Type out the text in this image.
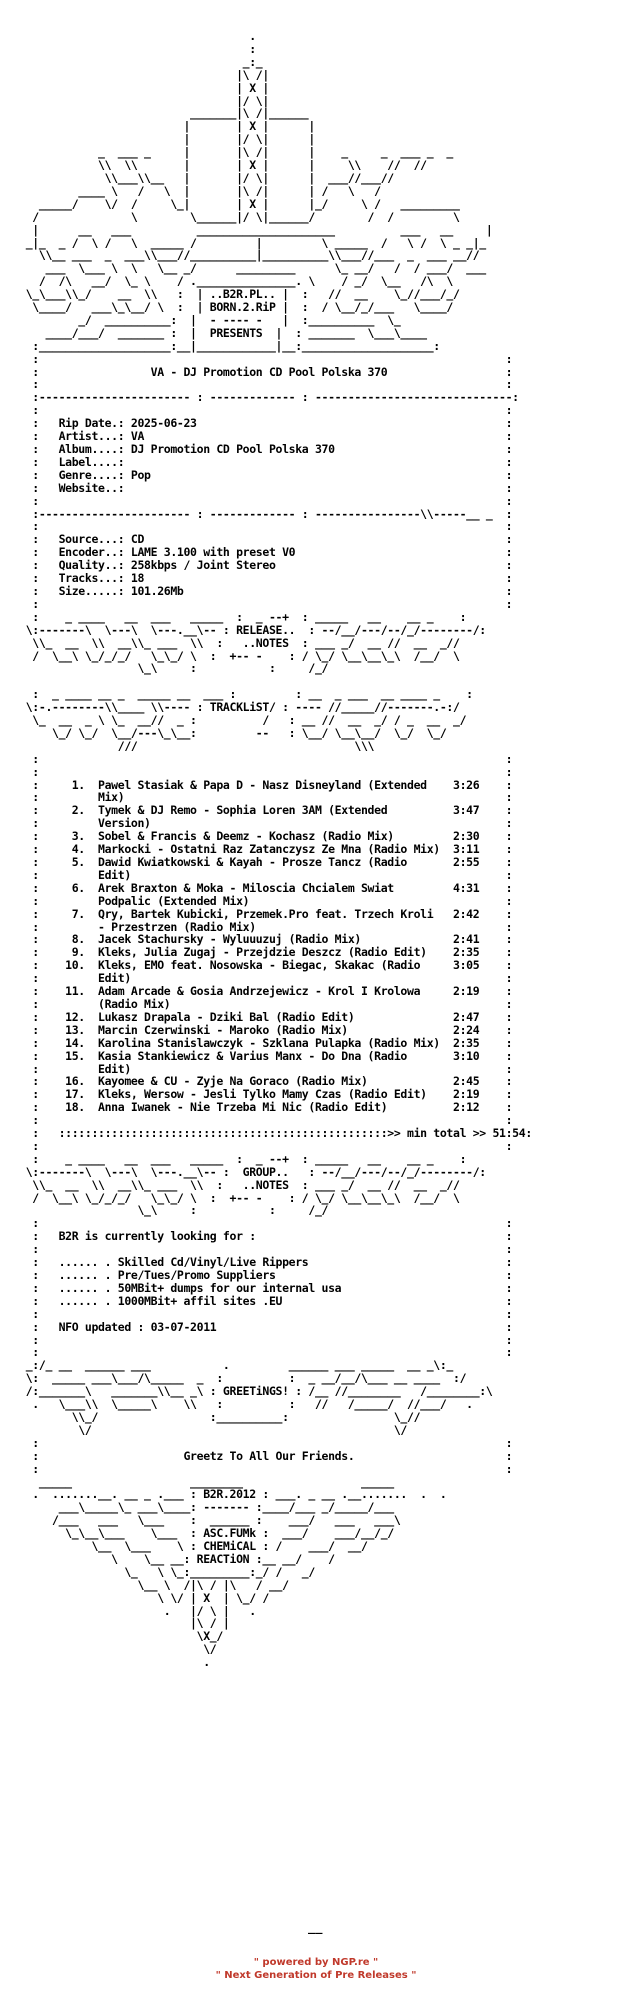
.
:
_:_
|\ /|
| X |
|/ \|
_______|\ /|______
|       | X |      |
|       |/ \|      |
_  ___ _     |       |\ /|      |    _     _  ___ _  _
\\  \\       |       | X |      |     \\    //  //
\\___\\__   |       |/ \|      |  ___//___//
____ \   /   \  |       |\ /|      | /   \   /
_____/    \/  /     \_|       | X |      |_/     \ /   _________
/              \        \______|/ \|______/        /  /         \
|      __   ___          _____________________          ___   __     |
_|_  _ /  \ /   \  _____ /         |         \ _____  /   \ /  \ _ _|_
\\__ ___  _  ___\\___//__________|__________\\___//___  _  ___ __//
___  \___ \  \   \__ _/      _________      \_ __/   /  / ___/  ___
/  /\   __/  \_ \    / ._______________. \    / _/  \__   /\  \
\_\___\\_/    __  \\   :  | ..B2R.PL.. |  :   //  __    \_//___/_/
\____/   ___\_\__/ \  :  | BORN.2.RiP |  :  / \__/_/___   \____/
_/  __________:  |  - ---- -   |  :__________  \_
____/___/  _______ :  |  PRESENTS  |  : _______  \___\____
:____________________:__|____________|__:____________________:
:                                                                       :
:                 VA - DJ Promotion CD Pool Polska 370                  :
:                                                                       :
:----------------------- : ------------- : ------------------------------:
:                                                                       :
:   Rip Date.: 2025-06-23                                               :
:   Artist...: VA                                                       :
:   Album....: DJ Promotion CD Pool Polska 370                          :
:   Label....:                                                          :
:   Genre....: Pop                                                      :
:   Website..:                                                          :
:                                                                       :
:----------------------- : ------------- : ----------------\\-----__ _  :
:                                                                       :
:   Source...: CD                                                       :
:   Encoder..: LAME 3.100 with preset V0                                :
:   Quality..: 258kbps / Joint Stereo                                   :
:   Tracks...: 18                                                       :
:   Size.....: 101.26Mb                                                 :
:                                                                       :
:    _ ____   __  ___   _____  :  _ --+  : _____   __    __ _    :
\:-------\  \---\  \---.__\-- : RELEASE..  : --/__/---/--/_/--------/:
\\_  __  \\  __\\_ ___  \\  :   ..NOTES  : ___ _/  __ //  __  _//
/  \__\ \_/_/_/   \_\_/ \  :  +-- -    : / \_/ \__\__\_\  /__/  \
\_\     :           :     /_/

:  _ ____ __ _  _____ __  ___ :         : __  _ ___  __ ____ _    :
\:-.--------\\____ \\---- : TRACKLiST/ : ---- //_____//-------.-:/
\_  __  _ \ \_  __//  _ :          /   : __ //  __  _/ / _  __  _/
\_/ \_/  \__/---\_\__:         --   : \__/ \__\__/  \_/  \_/
///                                 \\\
:                                                                       :
:                                                                       :
:     1.  Pawel Stasiak & Papa D - Nasz Disneyland (Extended    3:26    :
:         Mix)                                                          :
:     2.  Tymek & DJ Remo - Sophia Loren 3AM (Extended          3:47    :
:         Version)                                                      :
:     3.  Sobel & Francis & Deemz - Kochasz (Radio Mix)         2:30    :
:     4.  Markocki - Ostatni Raz Zatanczysz Ze Mna (Radio Mix)  3:11    :
:     5.  Dawid Kwiatkowski & Kayah - Prosze Tancz (Radio       2:55    :
:         Edit)                                                         :
:     6.  Arek Braxton & Moka - Miloscia Chcialem Swiat         4:31    :
:         Podpalic (Extended Mix)                                       :
:     7.  Qry, Bartek Kubicki, Przemek.Pro feat. Trzech Kroli   2:42    :
:         - Przestrzen (Radio Mix)                                      :
:     8.  Jacek Stachursky - Wyluuuzuj (Radio Mix)              2:41    :
:     9.  Kleks, Julia Zugaj - Przejdzie Deszcz (Radio Edit)    2:35    :
:    10.  Kleks, EMO feat. Nosowska - Biegac, Skakac (Radio     3:05    :
:         Edit)                                                         :
:    11.  Adam Arcade & Gosia Andrzejewicz - Krol I Krolowa     2:19    :
:         (Radio Mix)                                                   :
:    12.  Lukasz Drapala - Dziki Bal (Radio Edit)               2:47    :
:    13.  Marcin Czerwinski - Maroko (Radio Mix)                2:24    :
:    14.  Karolina Stanislawczyk - Szklana Pulapka (Radio Mix)  2:35    :
:    15.  Kasia Stankiewicz & Varius Manx - Do Dna (Radio       3:10    :
:         Edit)                                                         :
:    16.  Kayomee & CU - Zyje Na Goraco (Radio Mix)             2:45    :
:    17.  Kleks, Wersow - Jesli Tylko Mamy Czas (Radio Edit)    2:19    :
:    18.  Anna Iwanek - Nie Trzeba Mi Nic (Radio Edit)          2:12    :
:                                                                       :
:   ::::::::::::::::::::::::::::::::::::::::::::::::::>> min total >> 51:54:
:                                                                       :
:    _ ____   __  ___   _____  :  _ --+  : _____   __    __ _    :
\:-------\  \---\  \---.__\-- :  GROUP..   : --/__/---/--/_/--------/:
\\_  __  \\  __\\_ ___  \\  :   ..NOTES  : ___ _/  __ //  __  _//
/  \__\ \_/_/_/   \_\_/ \  :  +-- -    : / \_/ \__\__\_\  /__/  \
\_\     :           :     /_/
:                                                                       :
:   B2R is currently looking for :                                      :
:                                                                       :
:   ...... . Skilled Cd/Vinyl/Live Rippers                              :
:   ...... . Pre/Tues/Promo Suppliers                                   :
:   ...... . 50MBit+ dumps for our internal usa                         :
:   ...... . 1000MBit+ affil sites .EU                                  :
:                                                                       :
:   NFO updated : 03-07-2011                                            :
:                                                                       :
:                                                                       :
_:/_ __  ______ ___           .         ______ ___ _____  __ _\:_
\:  _____ ___\___/\_____  _  :          :  _ __/__/\___ __ ____  :/
/:_______\   _______\\__ _\ : GREETiNGS! : /__ //________   /________:\
.   \___\\  \_____\    \\   :          :   //   /_____/  //___/   .
\\_/                 :__________:                \_//
\/                                              \/
:                                                                       :
:                      Greetz To All Our Friends.                       :
:                                                                       :
_____                  ________                  _____
.  .......__. __ _ .___ : B2R.2012 : ___. _ __ .__.......  .  .
___\_____\_ ___\____: ------- :____/___ _/_____/___
/___   ___   \___    :  ______ :    ___/   ___   ___\
\_\__\___    \___  : ASC.FUMk :  ___/    ___/__/_/
\__  \___    \ : CHEMiCAL : /    ___/  __/
\    \__ __: REACTiON :__ __/    /
\_   \ \_:_________:_/ /   _/
\__ \  /|\ / |\   / __/
\ \/ | X  | \_/ /
.   |/ \ |   .
|\ / |
\X_/
\/
.
__
" powered by NGP.re "
" Next Generation of Pre Releases "
